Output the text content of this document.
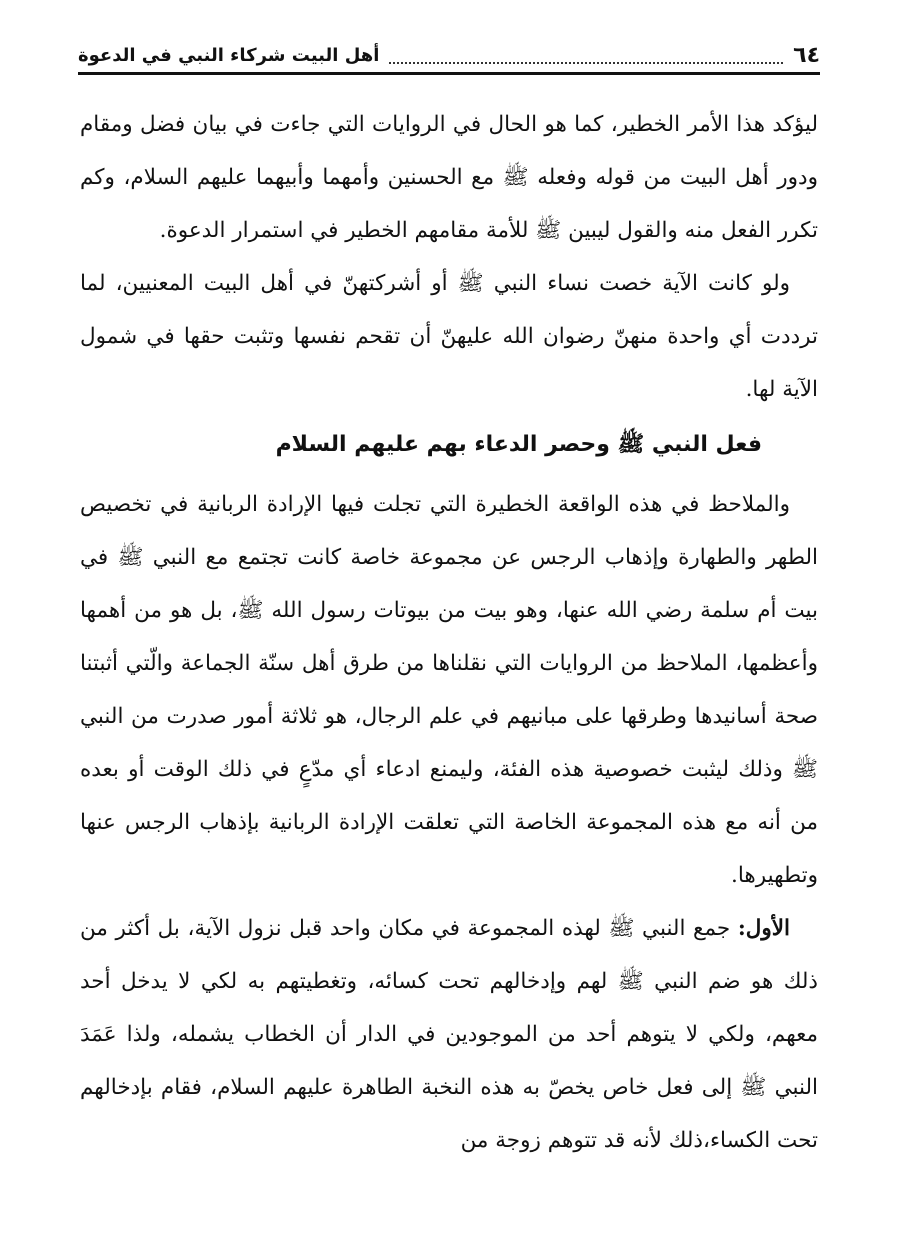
٦٤
أهل البيت شركاء النبي في الدعوة

ليؤكد هذا الأمر الخطير، كما هو الحال في الروايات التي جاءت في بيان فضل ومقام ودور أهل البيت من قوله وفعله ﷺ مع الحسنين وأمهما وأبيهما عليهم السلام، وكم تكرر الفعل منه والقول ليبين ﷺ للأمة مقامهم الخطير في استمرار الدعوة.

ولو كانت الآية خصت نساء النبي ﷺ أو أشركتهنّ في أهل البيت المعنيين، لما ترددت أي واحدة منهنّ رضوان الله عليهنّ أن تقحم نفسها وتثبت حقها في شمول الآية لها.

فعل النبي ﷺ وحصر الدعاء بهم عليهم السلام

والملاحظ في هذه الواقعة الخطيرة التي تجلت فيها الإرادة الربانية في تخصيص الطهر والطهارة وإذهاب الرجس عن مجموعة خاصة كانت تجتمع مع النبي ﷺ في بيت أم سلمة رضي الله عنها، وهو بيت من بيوتات رسول الله ﷺ، بل هو من أهمها وأعظمها، الملاحظ من الروايات التي نقلناها من طرق أهل سنّة الجماعة والّتي أثبتنا صحة أسانيدها وطرقها على مبانيهم في علم الرجال، هو ثلاثة أمور صدرت من النبي ﷺ وذلك ليثبت خصوصية هذه الفئة، وليمنع ادعاء أي مدّعٍ في ذلك الوقت أو بعده من أنه مع هذه المجموعة الخاصة التي تعلقت الإرادة الربانية بإذهاب الرجس عنها وتطهيرها.

الأول: جمع النبي ﷺ لهذه المجموعة في مكان واحد قبل نزول الآية، بل أكثر من ذلك هو ضم النبي ﷺ لهم وإدخالهم تحت كسائه، وتغطيتهم به لكي لا يدخل أحد معهم، ولكي لا يتوهم أحد من الموجودين في الدار أن الخطاب يشمله، ولذا عَمَدَ النبي ﷺ إلى فعل خاص يخصّ به هذه النخبة الطاهرة عليهم السلام، فقام بإدخالهم تحت الكساء،ذلك لأنه قد تتوهم زوجة من
